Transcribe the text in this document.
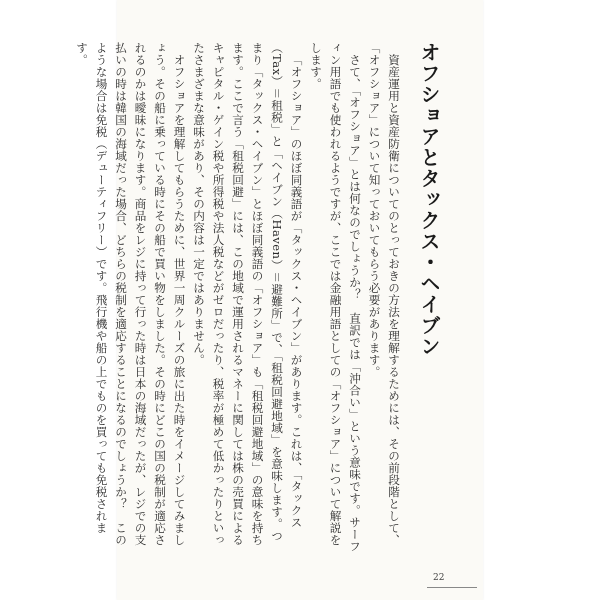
オフショアとタックス・ヘイブン

資産運用と資産防衛についてのとっておきの方法を理解するためには、その前段階として、「オフショア」について知っておいてもらう必要があります。

さて、「オフショア」とは何なのでしょうか？　直訳では「沖合い」という意味です。サーフィン用語でも使われるようですが、ここでは金融用語としての「オフショア」について解説をします。

「オフショア」のほぼ同義語が「タックス・ヘイブン」があります。これは、「タックス（Tax）＝租税」と「ヘイブン（Haven）＝避難所」で、「租税回避地域」を意味します。つまり「タックス・ヘイブン」とほぼ同義語の「オフショア」も「租税回避地域」の意味を持ちます。ここで言う「租税回避」には、この地域で運用されるマネーに関しては株の売買によるキャピタル・ゲイン税や所得税や法人税などがゼロだったり、税率が極めて低かったりといったさまざまな意味があり、その内容は一定ではありません。

オフショアを理解してもらうために、世界一周クルーズの旅に出た時をイメージしてみましょう。その船に乗っている時にその船で買い物をしました。その時にどこの国の税制が適応されるのかは曖昧になります。商品をレジに持って行った時は日本の海域だったが、レジでの支払いの時は韓国の海域だった場合、どちらの税制を適応することになるのでしょうか？　このような場合は免税（デューティフリー）です。飛行機や船の上でものを買っても免税されます。

22
